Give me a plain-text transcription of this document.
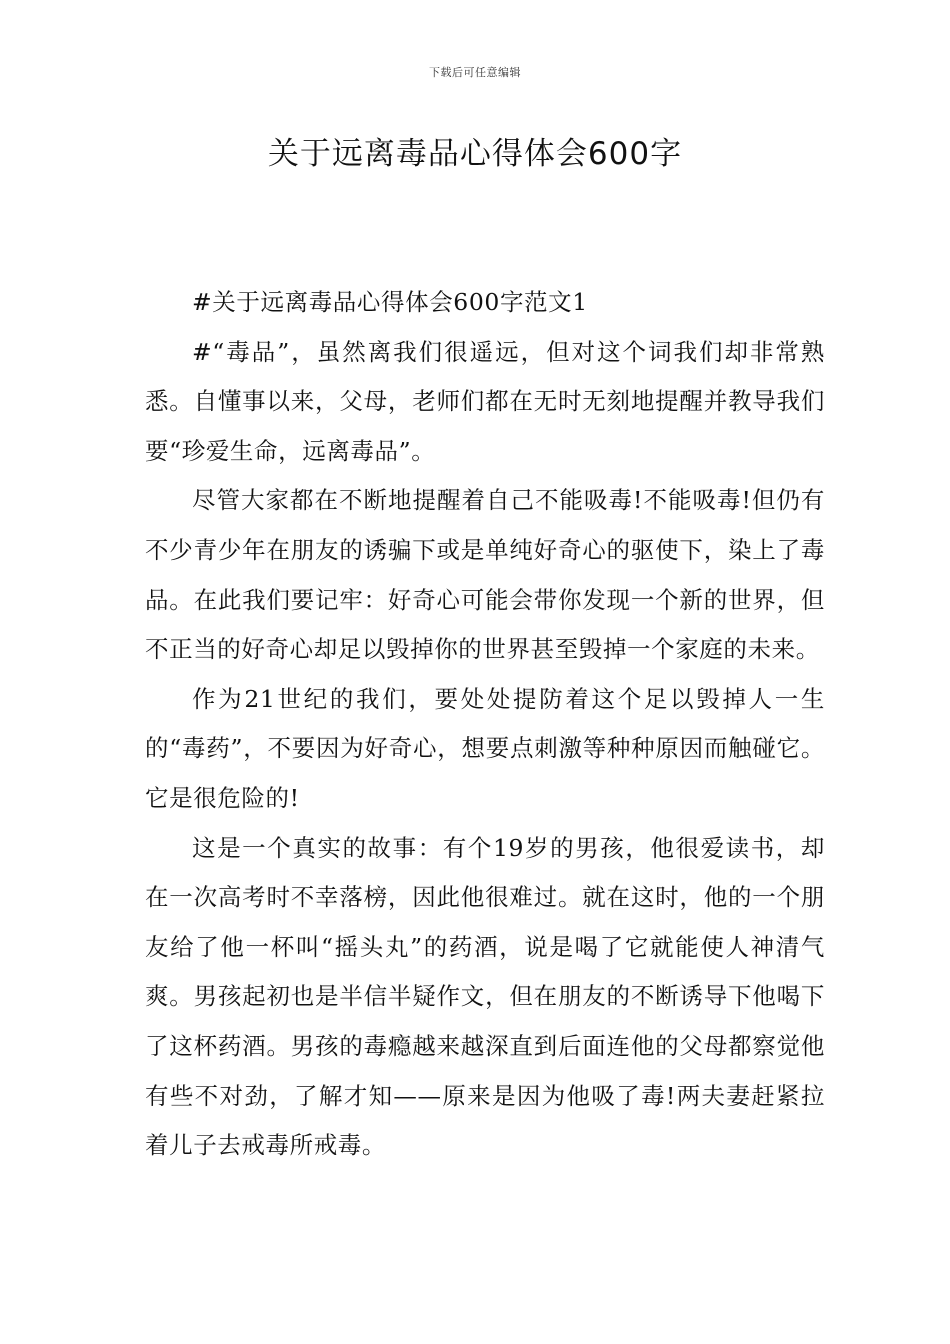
下载后可任意编辑
关于远离毒品心得体会600字

#关于远离毒品心得体会600字范文1

#“毒品”，虽然离我们很遥远，但对这个词我们却非常熟悉。自懂事以来，父母，老师们都在无时无刻地提醒并教导我们要“珍爱生命，远离毒品”。

尽管大家都在不断地提醒着自己不能吸毒!不能吸毒!但仍有不少青少年在朋友的诱骗下或是单纯好奇心的驱使下，染上了毒品。在此我们要记牢：好奇心可能会带你发现一个新的世界，但不正当的好奇心却足以毁掉你的世界甚至毁掉一个家庭的未来。

作为21世纪的我们，要处处提防着这个足以毁掉人一生的“毒药”，不要因为好奇心，想要点刺激等种种原因而触碰它。它是很危险的!

这是一个真实的故事：有个19岁的男孩，他很爱读书，却在一次高考时不幸落榜，因此他很难过。就在这时，他的一个朋友给了他一杯叫“摇头丸”的药酒，说是喝了它就能使人神清气爽。男孩起初也是半信半疑作文，但在朋友的不断诱导下他喝下了这杯药酒。男孩的毒瘾越来越深直到后面连他的父母都察觉他有些不对劲，了解才知——原来是因为他吸了毒!两夫妻赶紧拉着儿子去戒毒所戒毒。
